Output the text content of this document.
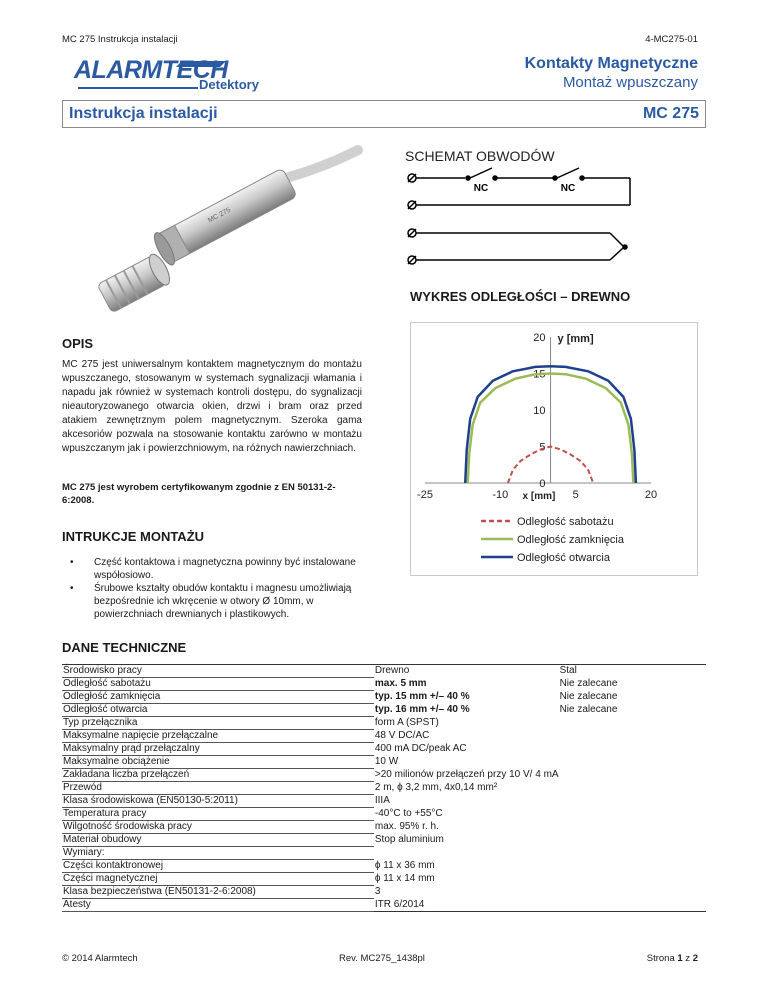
MC 275 Instrukcja instalacji	4-MC275-01
ALARMTECH
Detektory
Kontakty Magnetyczne
Montaż wpuszczany
Instrukcja instalacji	MC 275
MC 275
SCHEMAT OBWODÓW
NC	NC
WYKRES ODLEGŁOŚCI – DREWNO
20
15
10
5
0
-25	-10	5	20
y [mm]
x [mm]
Odległość sabotażu
Odległość zamknięcia
Odległość otwarcia
OPIS
MC 275 jest uniwersalnym kontaktem magnetycznym do montażu wpuszczanego, stosowanym w systemach sygnalizacji włamania i napadu jak również w systemach kontroli dostępu, do sygnalizacji nieautoryzowanego otwarcia okien, drzwi i bram oraz przed atakiem zewnętrznym polem magnetycznym. Szeroka gama akcesoriów pozwala na stosowanie kontaktu zarówno w montażu wpuszczanym jak i powierzchniowym, na różnych nawierzchniach.
MC 275 jest wyrobem certyfikowanym zgodnie z EN 50131-2-6:2008.
INTRUKCJE MONTAŻU
• Część kontaktowa i magnetyczna powinny być instalowane współosiowo.
• Śrubowe kształty obudów kontaktu i magnesu umożliwiają bezpośrednie ich wkręcenie w otwory Ø 10mm, w powierzchniach drewnianych i plastikowych.
DANE TECHNICZNE
Środowisko pracy	Drewno	Stal
Odległość sabotażu	max. 5 mm	Nie zalecane
Odległość zamknięcia	typ. 15 mm +/– 40 %	Nie zalecane
Odległość otwarcia	typ. 16 mm +/– 40 %	Nie zalecane
Typ przełącznika	form A (SPST)	
Maksymalne napięcie przełączalne	48 V DC/AC	
Maksymalny prąd przełączalny	400 mA DC/peak AC	
Maksymalne obciążenie	10 W	
Zakładana liczba przełączeń	>20 milionów przełączeń przy 10 V/ 4 mA	
Przewód	2 m, ϕ 3,2 mm, 4x0,14 mm²	
Klasa środowiskowa (EN50130-5:2011)	IIIA	
Temperatura pracy	-40°C to +55°C	
Wilgotność środowiska pracy	max. 95% r. h.	
Materiał obudowy	Stop aluminium	
Wymiary:		
Części kontaktronowej	ϕ 11 x 36 mm	
Części magnetycznej	ϕ 11 x 14 mm	
Klasa bezpieczeństwa (EN50131-2-6:2008)	3	
Atesty	ITR 6/2014	
© 2014 Alarmtech	Rev. MC275_1438pl	Strona 1 z 2
